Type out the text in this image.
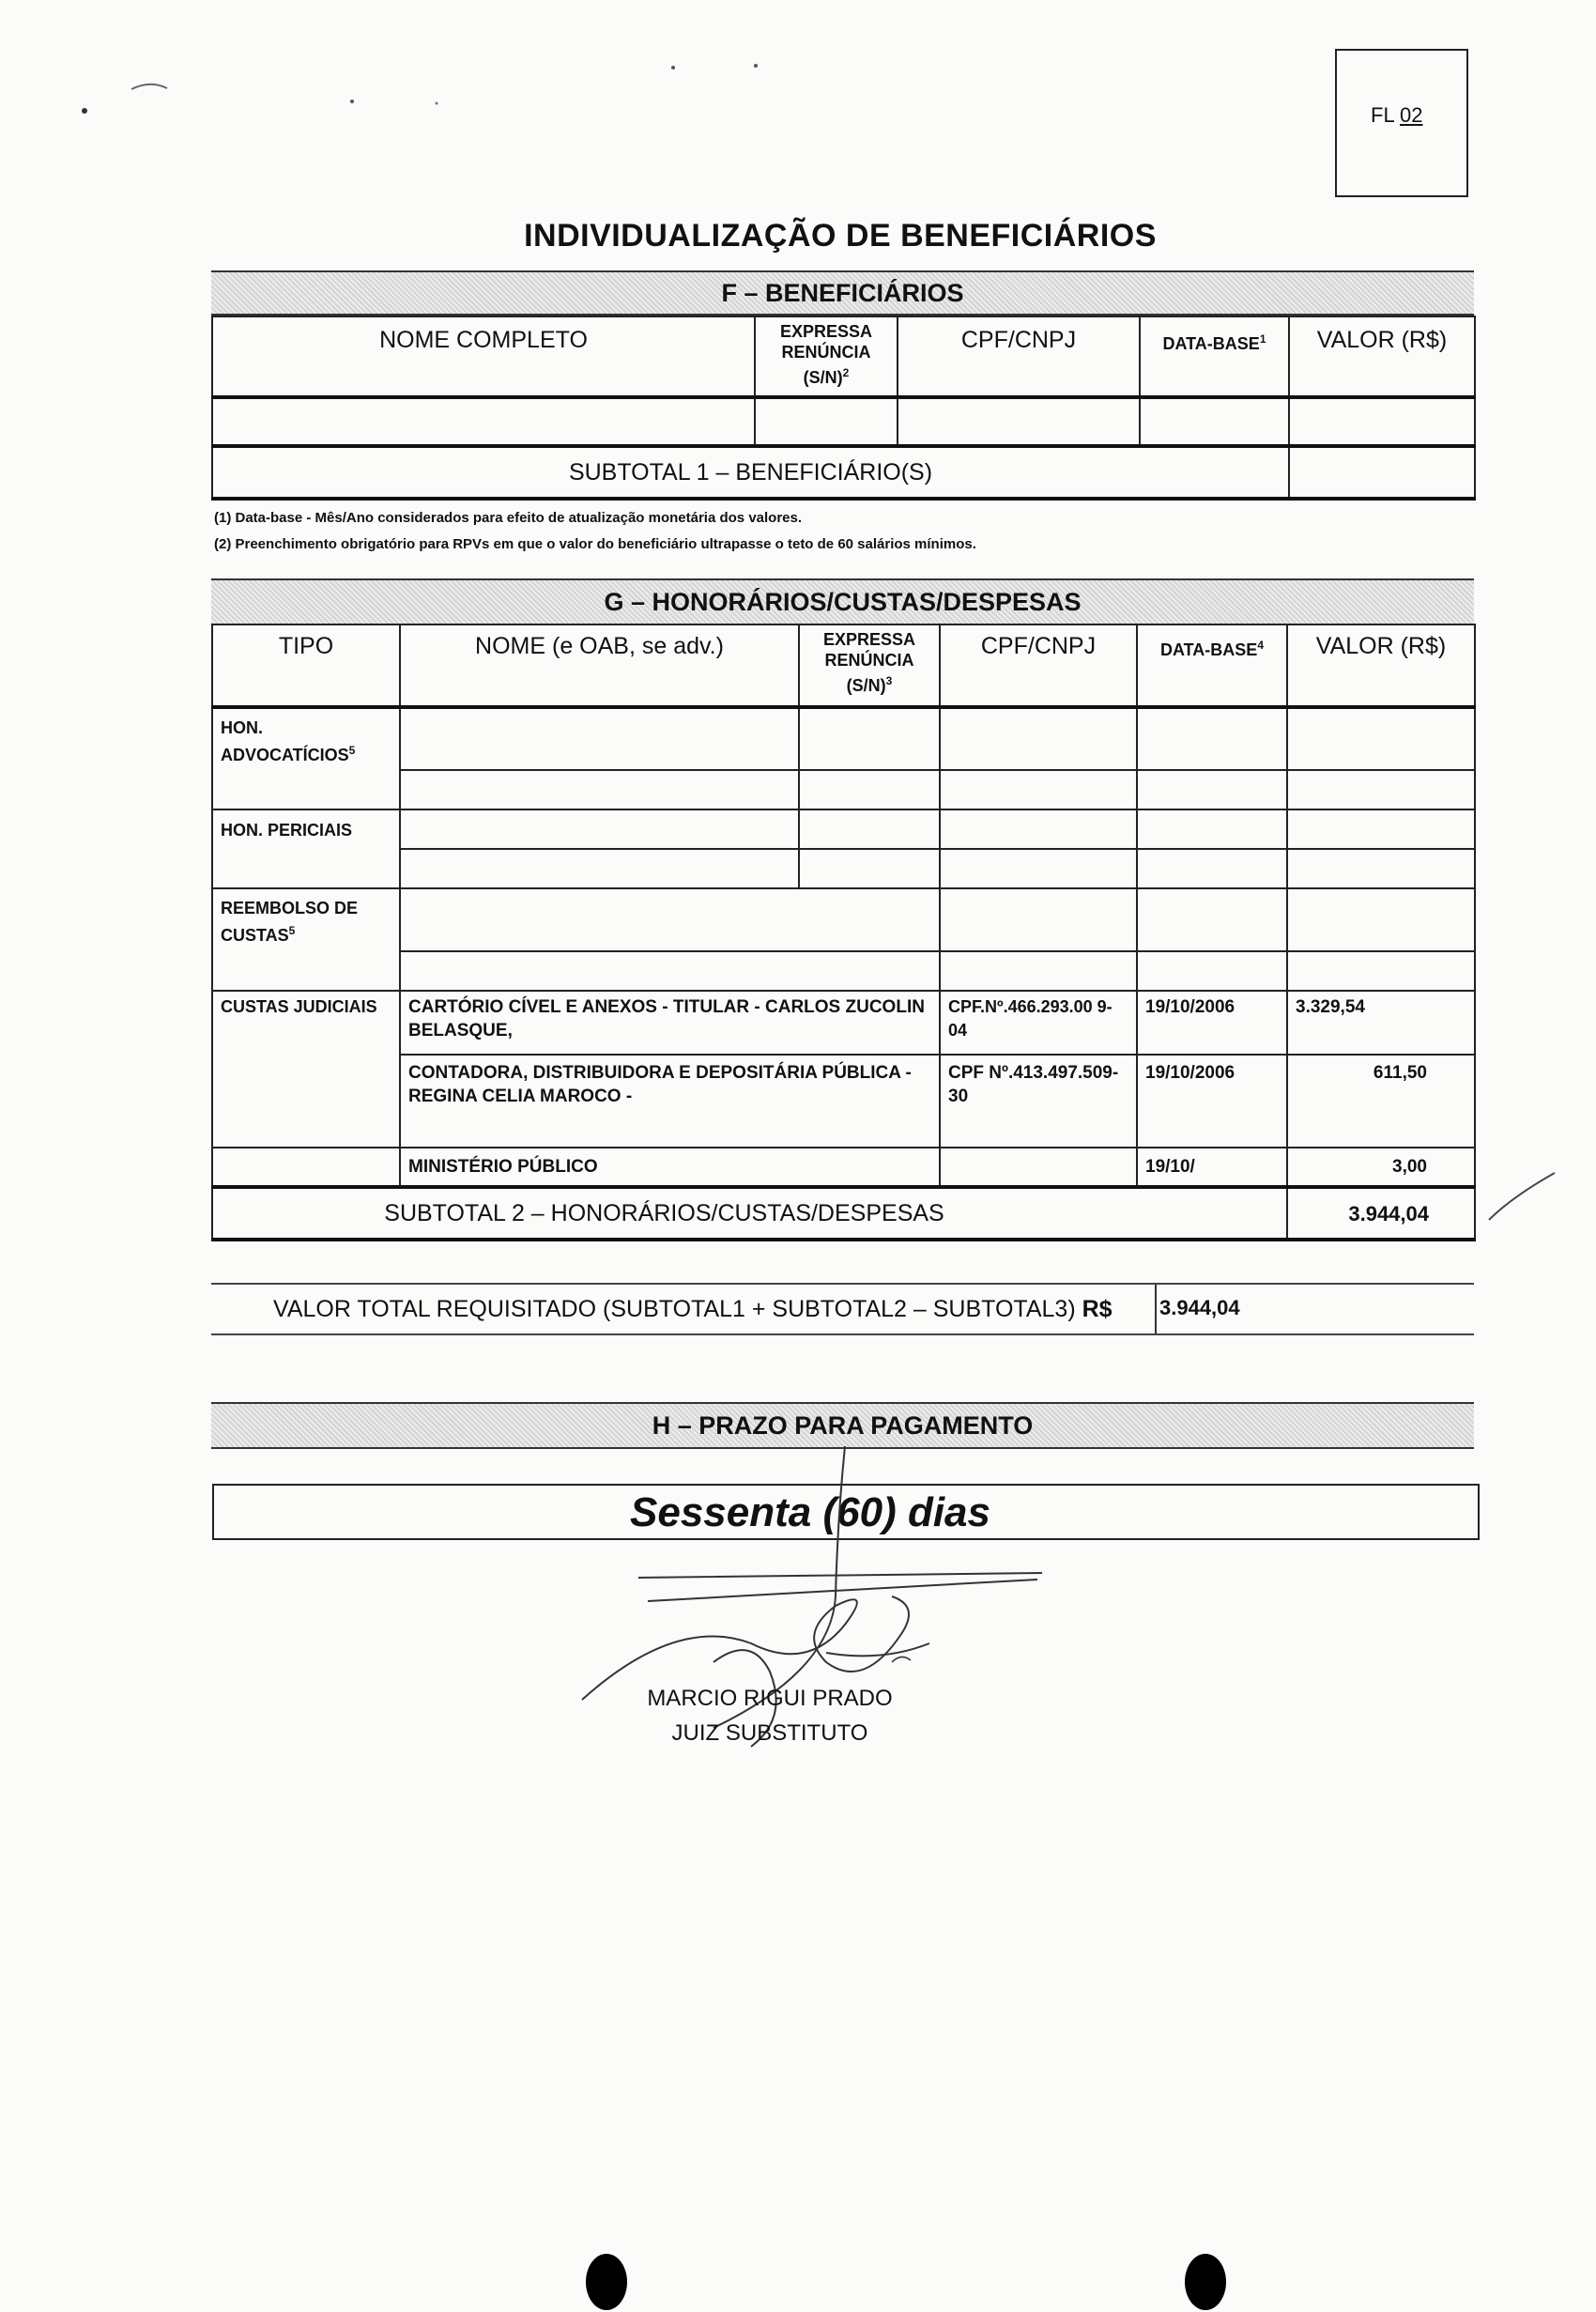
FL 02
INDIVIDUALIZAÇÃO DE BENEFICIÁRIOS
F – BENEFICIÁRIOS
NOME COMPLETO	EXPRESSA RENÚNCIA $(S/N)^2$	CPF/CNPJ	DATA-BASE$^1$	VALOR (R$)

SUBTOTAL 1 – BENEFICIÁRIO(S)				
(1) Data-base - Mês/Ano considerados para efeito de atualização monetária dos valores.
(2) Preenchimento obrigatório para RPVs em que o valor do beneficiário ultrapasse o teto de 60 salários mínimos.
G – HONORÁRIOS/CUSTAS/DESPESAS
TIPO	NOME (e OAB, se adv.)	EXPRESSA RENÚNCIA $(S/N)^3$	CPF/CNPJ	DATA-BASE$^4$	VALOR (R$)
HON. ADVOCATÍCIOS$^5$					

HON. PERICIAIS					

REEMBOLSO DE CUSTAS$^5$				

CUSTAS JUDICIAIS	CARTÓRIO CÍVEL E ANEXOS - TITULAR - CARLOS ZUCOLIN BELASQUE,		CPF.Nº.466.293.00 9-04	19/10/2006	3.329,54
	CONTADORA, DISTRIBUIDORA E DEPOSITÁRIA PÚBLICA - REGINA CELIA MAROCO -		CPF Nº.413.497.509-30	19/10/2006	611,50
	MINISTÉRIO PÚBLICO			19/10/	3,00
SUBTOTAL 2 – HONORÁRIOS/CUSTAS/DESPESAS					3.944,04
VALOR TOTAL REQUISITADO (SUBTOTAL1 + SUBTOTAL2 – SUBTOTAL3) R$ 3.944,04
H – PRAZO PARA PAGAMENTO
Sessenta (60) dias
MARCIO RIGUI PRADO
JUIZ SUBSTITUTO
